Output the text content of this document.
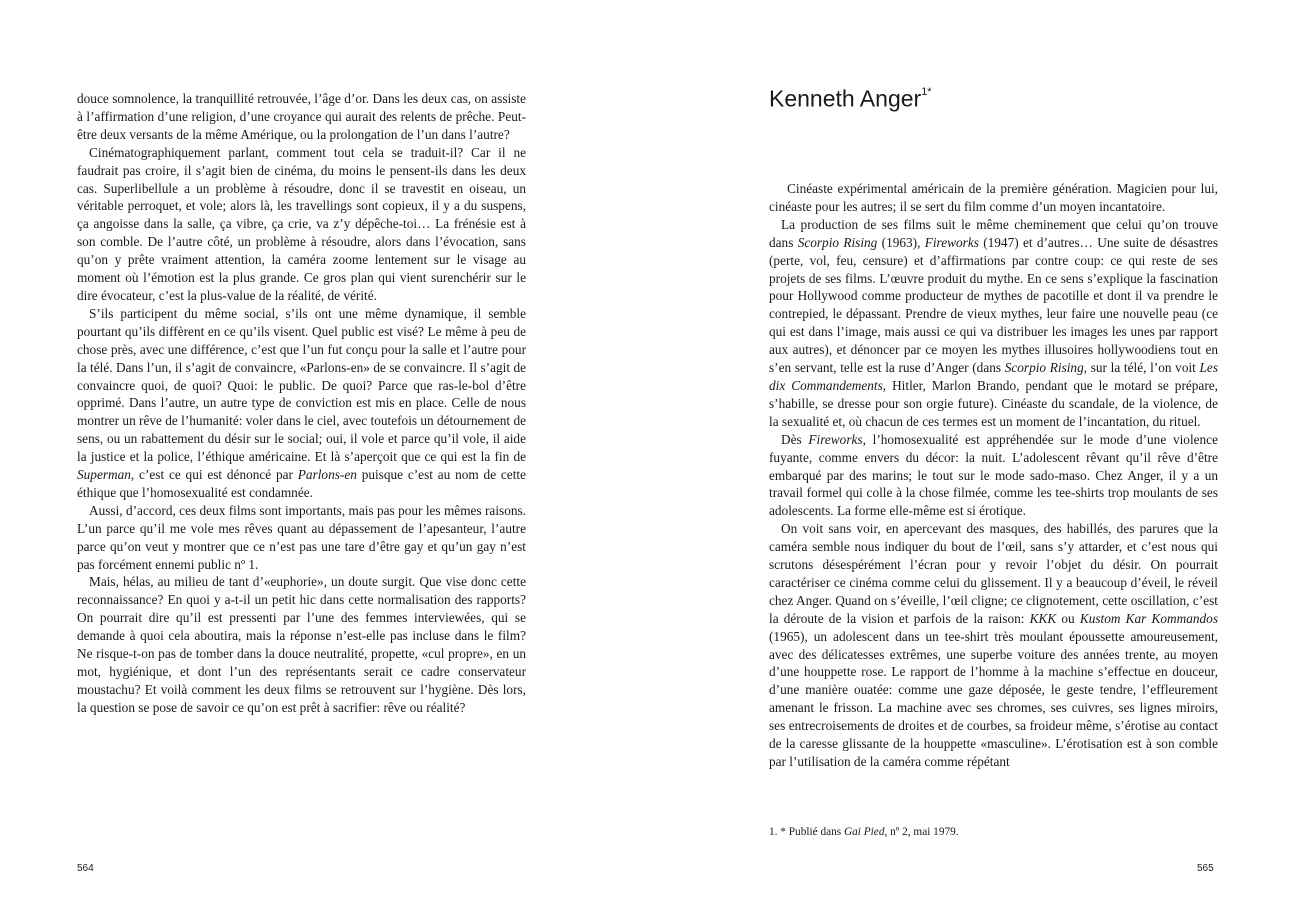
douce somnolence, la tranquillité retrouvée, l’âge d’or. Dans les deux cas, on assiste à l’affirmation d’une religion, d’une croyance qui aurait des relents de prêche. Peut-être deux versants de la même Amérique, ou la prolongation de l’un dans l’autre?

Cinématographiquement parlant, comment tout cela se traduit-il? Car il ne faudrait pas croire, il s’agit bien de cinéma, du moins le pensent-ils dans les deux cas. Superlibellule a un problème à résoudre, donc il se travestit en oiseau, un véritable perroquet, et vole; alors là, les travellings sont copieux, il y a du suspens, ça angoisse dans la salle, ça vibre, ça crie, va z’y dépêche-toi… La frénésie est à son comble. De l’autre côté, un problème à résoudre, alors dans l’évocation, sans qu’on y prête vraiment attention, la caméra zoome lentement sur le visage au moment où l’émotion est la plus grande. Ce gros plan qui vient surenchérir sur le dire évocateur, c’est la plus-value de la réalité, de vérité.

S’ils participent du même social, s’ils ont une même dynamique, il semble pourtant qu’ils diffèrent en ce qu’ils visent. Quel public est visé? Le même à peu de chose près, avec une différence, c’est que l’un fut conçu pour la salle et l’autre pour la télé. Dans l’un, il s’agit de convaincre, «Parlons-en» de se convaincre. Il s’agit de convaincre quoi, de quoi? Quoi: le public. De quoi? Parce que ras-le-bol d’être opprimé. Dans l’autre, un autre type de conviction est mis en place. Celle de nous montrer un rêve de l’humanité: voler dans le ciel, avec toutefois un détournement de sens, ou un rabattement du désir sur le social; oui, il vole et parce qu’il vole, il aide la justice et la police, l’éthique américaine. Et là s’aperçoit que ce qui est la fin de Superman, c’est ce qui est dénoncé par Parlons-en puisque c’est au nom de cette éthique que l’homosexualité est condamnée.

Aussi, d’accord, ces deux films sont importants, mais pas pour les mêmes raisons. L’un parce qu’il me vole mes rêves quant au dépassement de l’apesanteur, l’autre parce qu’on veut y montrer que ce n’est pas une tare d’être gay et qu’un gay n’est pas forcément ennemi public nº 1.

Mais, hélas, au milieu de tant d’«euphorie», un doute surgit. Que vise donc cette reconnaissance? En quoi y a-t-il un petit hic dans cette normalisation des rapports? On pourrait dire qu’il est pressenti par l’une des femmes interviewées, qui se demande à quoi cela aboutira, mais la réponse n’est-elle pas incluse dans le film? Ne risque-t-on pas de tomber dans la douce neutralité, propette, «cul propre», en un mot, hygiénique, et dont l’un des représentants serait ce cadre conservateur moustachu? Et voilà comment les deux films se retrouvent sur l’hygiène. Dès lors, la question se pose de savoir ce qu’on est prêt à sacrifier: rêve ou réalité?

564
Kenneth Anger$^{1*}$

Cinéaste expérimental américain de la première génération. Magicien pour lui, cinéaste pour les autres; il se sert du film comme d’un moyen incantatoire.

La production de ses films suit le même cheminement que celui qu’on trouve dans Scorpio Rising (1963), Fireworks (1947) et d’autres… Une suite de désastres (perte, vol, feu, censure) et d’affirmations par contre coup: ce qui reste de ses projets de ses films. L’œuvre produit du mythe. En ce sens s’explique la fascination pour Hollywood comme producteur de mythes de pacotille et dont il va prendre le contrepied, le dépassant. Prendre de vieux mythes, leur faire une nouvelle peau (ce qui est dans l’image, mais aussi ce qui va distribuer les images les unes par rapport aux autres), et dénoncer par ce moyen les mythes illusoires hollywoodiens tout en s’en servant, telle est la ruse d’Anger (dans Scorpio Rising, sur la télé, l’on voit Les dix Commandements, Hitler, Marlon Brando, pendant que le motard se prépare, s’habille, se dresse pour son orgie future). Cinéaste du scandale, de la violence, de la sexualité et, où chacun de ces termes est un moment de l’incantation, du rituel.

Dès Fireworks, l’homosexualité est appréhendée sur le mode d’une violence fuyante, comme envers du décor: la nuit. L’adolescent rêvant qu’il rêve d’être embarqué par des marins; le tout sur le mode sado-maso. Chez Anger, il y a un travail formel qui colle à la chose filmée, comme les tee-shirts trop moulants de ses adolescents. La forme elle-même est si érotique.

On voit sans voir, en apercevant des masques, des habillés, des parures que la caméra semble nous indiquer du bout de l’œil, sans s’y attarder, et c’est nous qui scrutons désespérément l’écran pour y revoir l’objet du désir. On pourrait caractériser ce cinéma comme celui du glissement. Il y a beaucoup d’éveil, le réveil chez Anger. Quand on s’éveille, l’œil cligne; ce clignotement, cette oscillation, c’est la déroute de la vision et parfois de la raison: KKK ou Kustom Kar Kommandos (1965), un adolescent dans un tee-shirt très moulant époussette amoureusement, avec des délicatesses extrêmes, une superbe voiture des années trente, au moyen d’une houppette rose. Le rapport de l’homme à la machine s’effectue en douceur, d’une manière ouatée: comme une gaze déposée, le geste tendre, l’effleurement amenant le frisson. La machine avec ses chromes, ses cuivres, ses lignes miroirs, ses entrecroisements de droites et de courbes, sa froideur même, s’érotise au contact de la caresse glissante de la houppette «masculine». L’érotisation est à son comble par l’utilisation de la caméra comme répétant

1. * Publié dans Gai Pied, nº 2, mai 1979.
565
